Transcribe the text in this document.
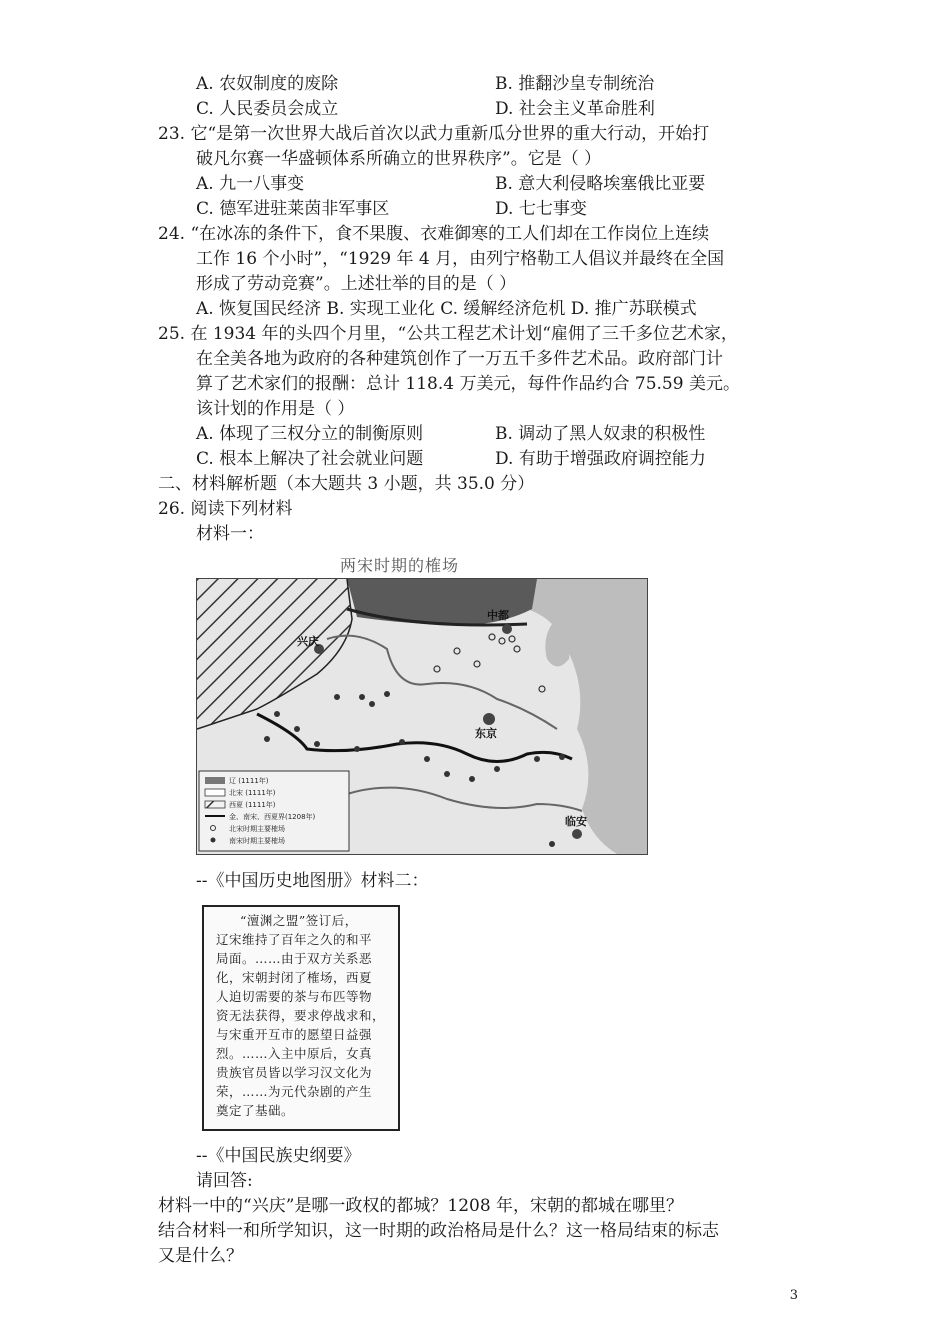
A. 农奴制度的废除	B. 推翻沙皇专制统治
C. 人民委员会成立	D. 社会主义革命胜利
23. 它“是第一次世界大战后首次以武力重新瓜分世界的重大行动，开始打
破凡尔赛一华盛顿体系所确立的世界秩序”。它是（ ）
A. 九一八事变	B. 意大利侵略埃塞俄比亚要
C. 德军进驻莱茵非军事区	D. 七七事变
24. “在冰冻的条件下，食不果腹、衣难御寒的工人们却在工作岗位上连续
工作 16 个小时”，“1929 年 4 月，由列宁格勒工人倡议并最终在全国
形成了劳动竞赛”。上述壮举的目的是（ ）
A. 恢复国民经济 B. 实现工业化 C. 缓解经济危机 D. 推广苏联模式
25. 在 1934 年的头四个月里，“公共工程艺术计划“雇佣了三千多位艺术家，
在全美各地为政府的各种建筑创作了一万五千多件艺术品。政府部门计
算了艺术家们的报酬：总计 118.4 万美元，每件作品约合 75.59 美元。
该计划的作用是（ ）
A. 体现了三权分立的制衡原则	B. 调动了黑人奴隶的积极性
C. 根本上解决了社会就业问题	D. 有助于增强政府调控能力
二、材料解析题（本大题共 3 小题，共 35.0 分）
26. 阅读下列材料
材料一：
两宋时期的榷场
兴庆
中都
东京
临安
辽 (1111年)
北宋 (1111年)
西夏 (1111年)
金、南宋、西夏界(1208年)
北宋时期主要榷场
南宋时期主要榷场
--《中国历史地图册》材料二：
“澶渊之盟”签订后，
辽宋维持了百年之久的和平
局面。……由于双方关系恶
化，宋朝封闭了榷场，西夏
人迫切需要的茶与布匹等物
资无法获得，要求停战求和，
与宋重开互市的愿望日益强
烈。……入主中原后，女真
贵族官员皆以学习汉文化为
荣，……为元代杂剧的产生
奠定了基础。
--《中国民族史纲要》
请回答:
材料一中的“兴庆”是哪一政权的都城？1208 年，宋朝的都城在哪里？
结合材料一和所学知识，这一时期的政治格局是什么？这一格局结束的标志
又是什么？
3
